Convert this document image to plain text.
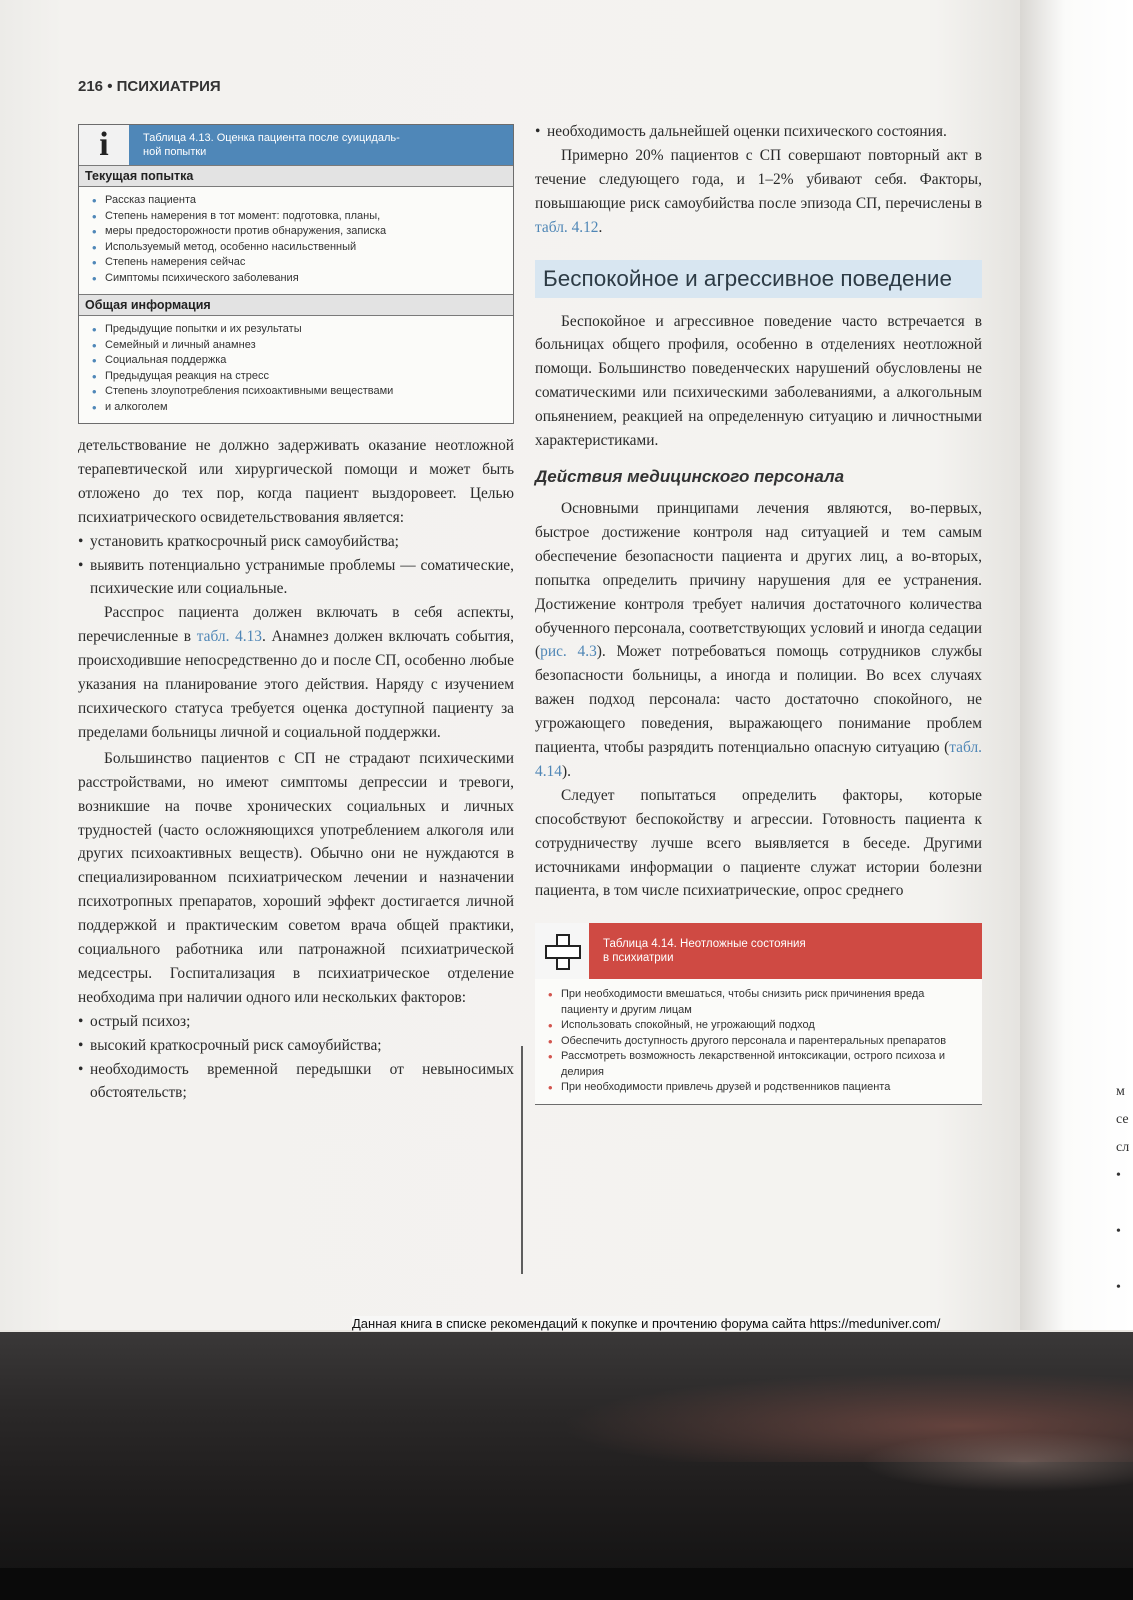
216 • ПСИХИАТРИЯ
i	Таблица 4.13. Оценка пациента после суицидаль-
ной попытки
Текущая попытка
• Рассказ пациента
• Степень намерения в тот момент: подготовка, планы,
• меры предосторожности против обнаружения, записка
• Используемый метод, особенно насильственный
• Степень намерения сейчас
• Симптомы психического заболевания
Общая информация
• Предыдущие попытки и их результаты
• Семейный и личный анамнез
• Социальная поддержка
• Предыдущая реакция на стресс
• Степень злоупотребления психоактивными веществами
• и алкоголем

детельствование не должно задерживать оказание неотложной терапевтической или хирургической помощи и может быть отложено до тех пор, когда пациент выздоровеет. Целью психиатрического освидетельствования является:

• установить краткосрочный риск самоубийства;

• выявить потенциально устранимые проблемы — соматические, психические или социальные.

Расспрос пациента должен включать в себя аспекты, перечисленные в табл. 4.13. Анамнез должен включать события, происходившие непосредственно до и после СП, особенно любые указания на планирование этого действия. Наряду с изучением психического статуса требуется оценка доступной пациенту за пределами больницы личной и социальной поддержки.

Большинство пациентов с СП не страдают психическими расстройствами, но имеют симптомы депрессии и тревоги, возникшие на почве хронических социальных и личных трудностей (часто осложняющихся употреблением алкоголя или других психоактивных веществ). Обычно они не нуждаются в специализированном психиатрическом лечении и назначении психотропных препаратов, хороший эффект достигается личной поддержкой и практическим советом врача общей практики, социального работника или патронажной психиатрической медсестры. Госпитализация в психиатрическое отделение необходима при наличии одного или нескольких факторов:

• острый психоз;

• высокий краткосрочный риск самоубийства;

• необходимость временной передышки от невыносимых обстоятельств;

• необходимость дальнейшей оценки психического состояния.

Примерно 20% пациентов с СП совершают повторный акт в течение следующего года, и 1–2% убивают себя. Факторы, повышающие риск самоубийства после эпизода СП, перечислены в табл. 4.12.

Беспокойное и агрессивное поведение

Беспокойное и агрессивное поведение часто встречается в больницах общего профиля, особенно в отделениях неотложной помощи. Большинство поведенческих нарушений обусловлены не соматическими или психическими заболеваниями, а алкогольным опьянением, реакцией на определенную ситуацию и личностными характеристиками.

Действия медицинского персонала

Основными принципами лечения являются, во-первых, быстрое достижение контроля над ситуацией и тем самым обеспечение безопасности пациента и других лиц, а во-вторых, попытка определить причину нарушения для ее устранения. Достижение контроля требует наличия достаточного количества обученного персонала, соответствующих условий и иногда седации (рис. 4.3). Может потребоваться помощь сотрудников службы безопасности больницы, а иногда и полиции. Во всех случаях важен подход персонала: часто достаточно спокойного, не угрожающего поведения, выражающего понимание проблем пациента, чтобы разрядить потенциально опасную ситуацию (табл. 4.14).

Следует попытаться определить факторы, которые способствуют беспокойству и агрессии. Готовность пациента к сотрудничеству лучше всего выявляется в беседе. Другими источниками информации о пациенте служат истории болезни пациента, в том числе психиатрические, опрос среднего

Таблица 4.14. Неотложные состояния
в психиатрии
• При необходимости вмешаться, чтобы снизить риск причинения вреда пациенту и другим лицам
• Использовать спокойный, не угрожающий подход
• Обеспечить доступность другого персонала и парентеральных препаратов
• Рассмотреть возможность лекарственной интоксикации, острого психоза и делирия
• При необходимости привлечь друзей и родственников пациента	м
се
сл
•
•
•
Данная книга в списке рекомендаций к покупке и прочтению форума сайта https://meduniver.com/
